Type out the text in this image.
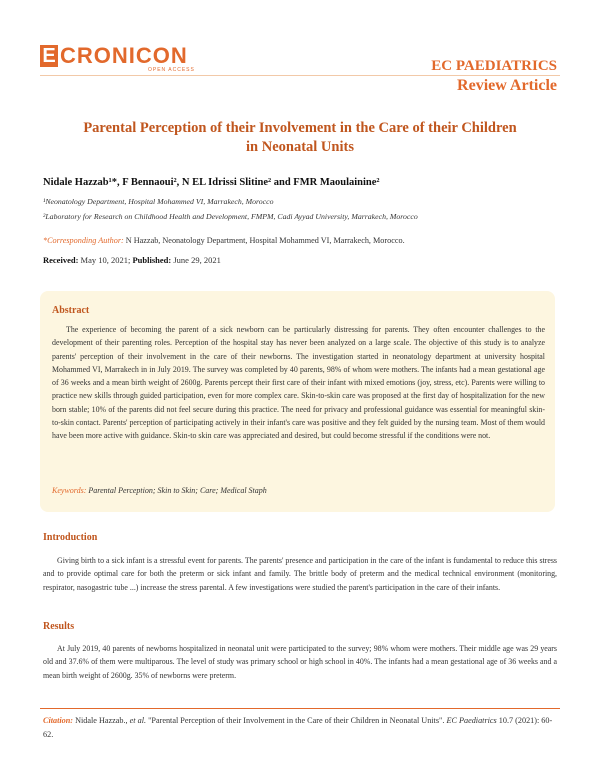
E CRONICON
OPEN ACCESS	EC PAEDIATRICS
Review Article
Parental Perception of their Involvement in the Care of their Children
in Neonatal Units
Nidale Hazzab¹*, F Bennaoui², N EL Idrissi Slitine² and FMR Maoulainine²
¹Neonatology Department, Hospital Mohammed VI, Marrakech, Morocco
²Laboratory for Research on Childhood Health and Development, FMPM, Cadi Ayyad University, Marrakech, Morocco
*Corresponding Author: N Hazzab, Neonatology Department, Hospital Mohammed VI, Marrakech, Morocco.
Received: May 10, 2021; Published: June 29, 2021
Abstract
The experience of becoming the parent of a sick newborn can be particularly distressing for parents. They often encounter challenges to the development of their parenting roles. Perception of the hospital stay has never been analyzed on a large scale. The objective of this study is to analyze parents' perception of their involvement in the care of their newborns. The investigation started in neonatology department at university hospital Mohammed VI, Marrakech in in July 2019. The survey was completed by 40 parents, 98% of whom were mothers. The infants had a mean gestational age of 36 weeks and a mean birth weight of 2600g. Parents percept their first care of their infant with mixed emotions (joy, stress, etc). Parents were willing to practice new skills through guided participation, even for more complex care. Skin-to-skin care was proposed at the first day of hospitalization for the new born stable; 10% of the parents did not feel secure during this practice. The need for privacy and professional guidance was essential for meaningful skin-to-skin contact. Parents' perception of participating actively in their infant's care was positive and they felt guided by the nursing team. Most of them would have been more active with guidance. Skin-to skin care was appreciated and desired, but could become stressful if the conditions were not.
Keywords: Parental Perception; Skin to Skin; Care; Medical Staph
Introduction
Giving birth to a sick infant is a stressful event for parents. The parents' presence and participation in the care of the infant is fundamental to reduce this stress and to provide optimal care for both the preterm or sick infant and family. The brittle body of preterm and the medical technical environment (monitoring, respirator, nasogastric tube ...) increase the stress parental. A few investigations were studied the parent's participation in the care of their infants.
Results
At July 2019, 40 parents of newborns hospitalized in neonatal unit were participated to the survey; 98% whom were mothers. Their middle age was 29 years old and 37.6% of them were multiparous. The level of study was primary school or high school in 40%. The infants had a mean gestational age of 36 weeks and a mean birth weight of 2600g. 35% of newborns were preterm.
Citation: Nidale Hazzab., et al. "Parental Perception of their Involvement in the Care of their Children in Neonatal Units". EC Paediatrics 10.7 (2021): 60-62.
